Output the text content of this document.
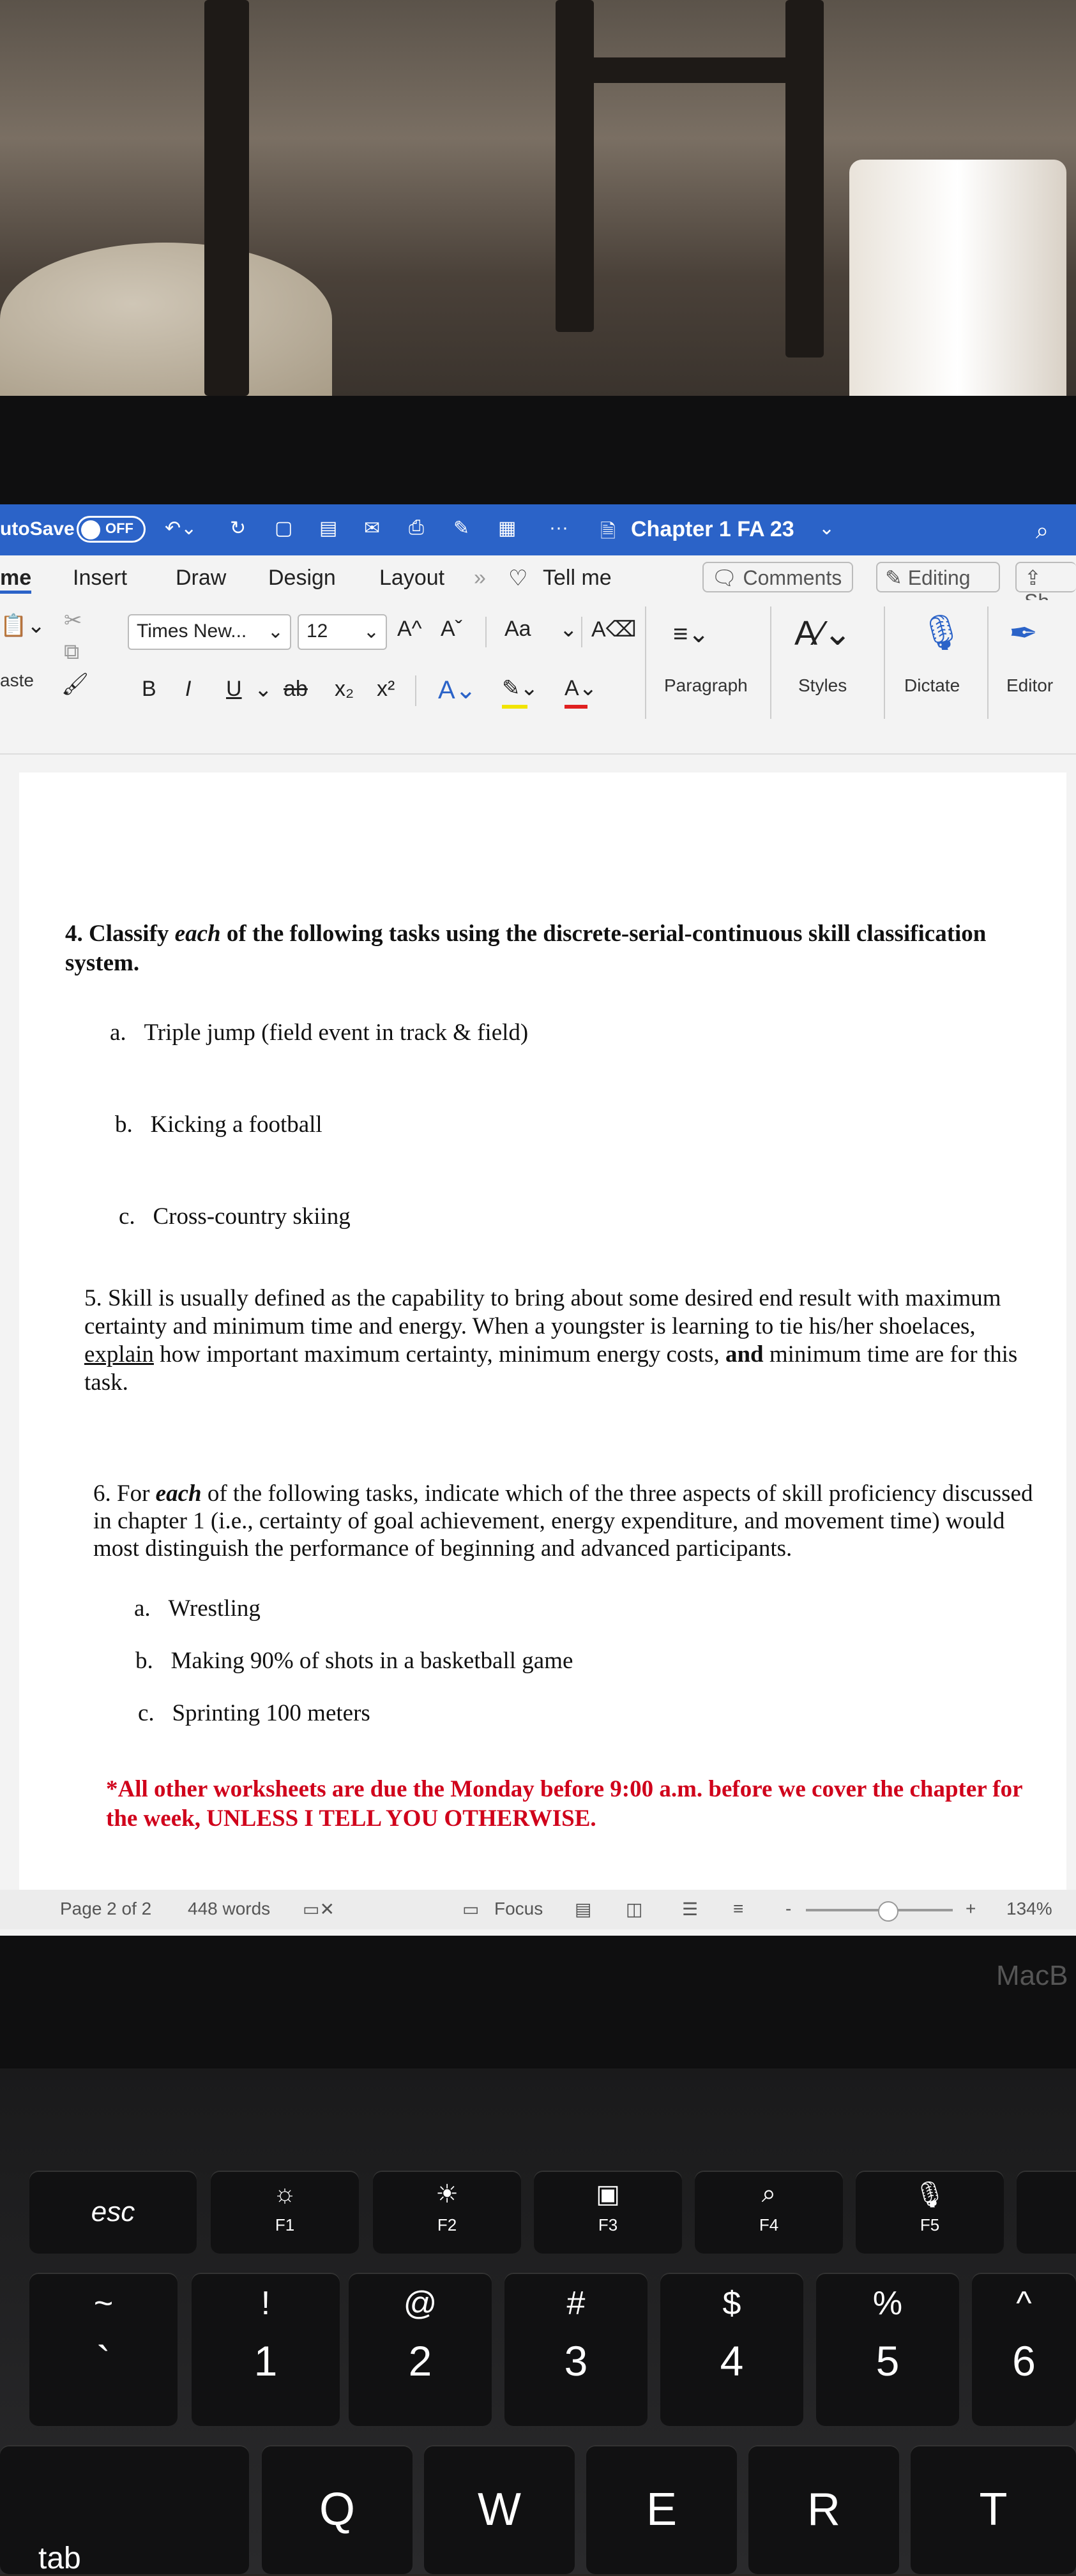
utoSave OFF ↶⌄ ↻ ▢ ▤ ✉ ⎙ ✎ ▦ ··· 🗎 Chapter 1 FA 23 ⌄	⌕
me Insert Draw Design Layout » ♡ Tell me	🗨 Comments	✎ Editing	⇪
📋⌄ ✂
⧉
aste 🖌
Times New... ⌄	12 ⌄ A^ Aˇ Aa ⌄ A⌫
B I U ⌄ ab x₂ x² A⌄ ✎⌄ A⌄
≡⌄
Paragraph
A⁄⌄
Styles
🎙
Dictate
✒
Editor
4. Classify each of the following tasks using the discrete-serial-continuous skill classification system.
a. Triple jump (field event in track & field)
b. Kicking a football
c. Cross-country skiing
5. Skill is usually defined as the capability to bring about some desired end result with maximum certainty and minimum time and energy. When a youngster is learning to tie his/her shoelaces, explain how important maximum certainty, minimum energy costs, and minimum time are for this task.
6. For each of the following tasks, indicate which of the three aspects of skill proficiency discussed in chapter 1 (i.e., certainty of goal achievement, energy expenditure, and movement time) would most distinguish the performance of beginning and advanced participants.
a. Wrestling
b. Making 90% of shots in a basketball game
c. Sprinting 100 meters
*All other worksheets are due the Monday before 9:00 a.m. before we cover the chapter for the week, UNLESS I TELL YOU OTHERWISE.
Page 2 of 2 448 words ▭✕	▭ Focus ▤ ◫ ☰ ≡ -	+ 134%
MacB
esc
☼
F1
☀
F2
▣
F3
⌕
F4
🎙
F5
~
`
!
1
@
2
#
3
$
4
%
5
^
6
tab
Q	W	E	R	T
